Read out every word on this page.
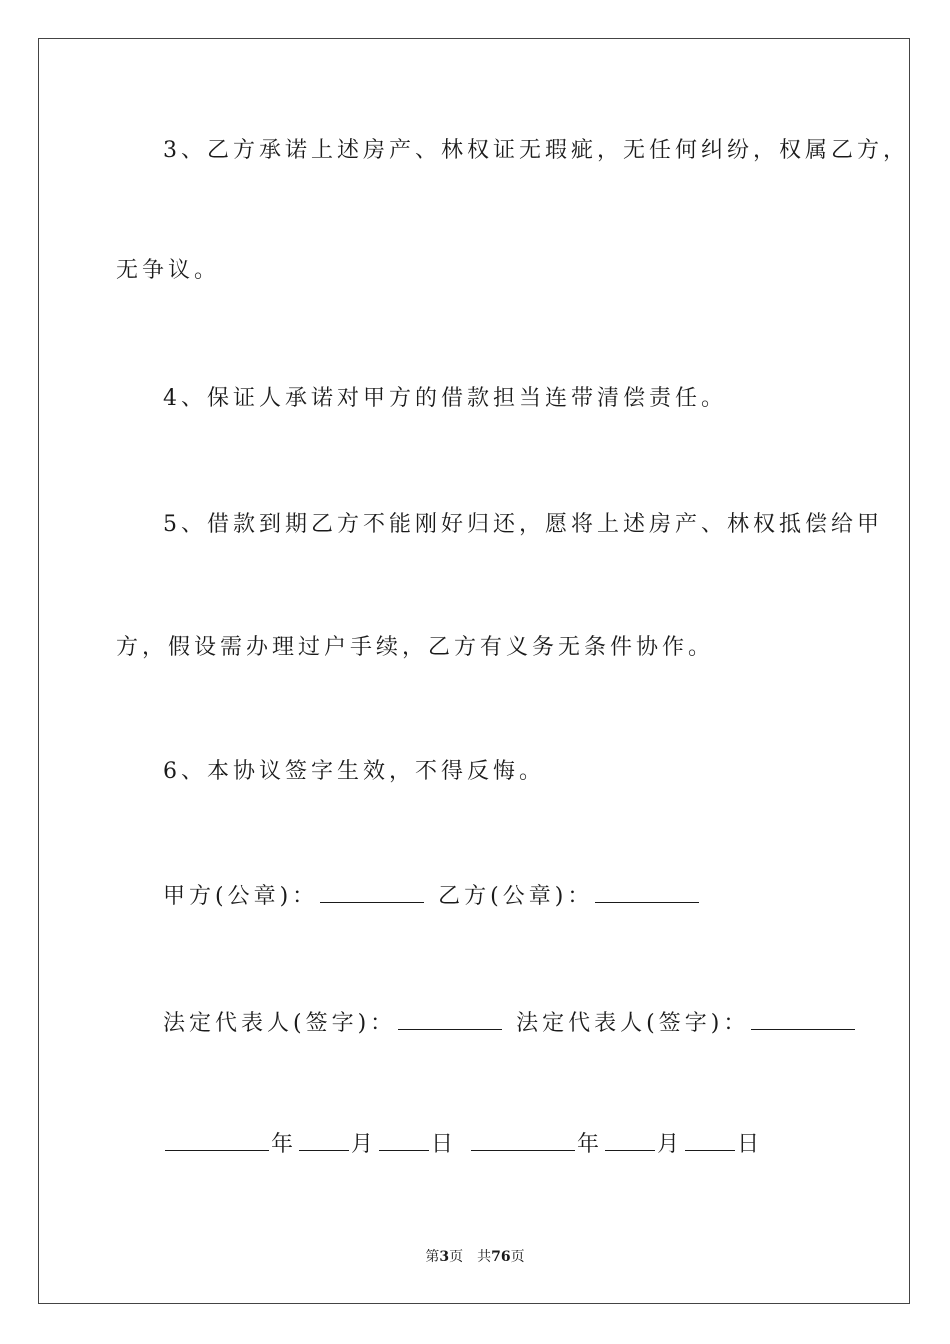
3、乙方承诺上述房产、林权证无瑕疵，无任何纠纷，权属乙方，
无争议。
4、保证人承诺对甲方的借款担当连带清偿责任。
5、借款到期乙方不能刚好归还，愿将上述房产、林权抵偿给甲
方，假设需办理过户手续，乙方有义务无条件协作。
6、本协议签字生效，不得反悔。
甲方(公章)：	乙方(公章)：
法定代表人(签字)：	法定代表人(签字)：
年 月 日	年 月 日
第3页 共76页
